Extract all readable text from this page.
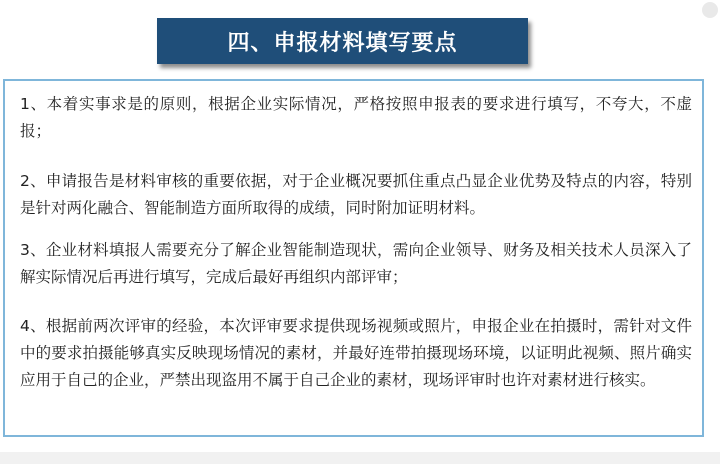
四、申报材料填写要点
1、本着实事求是的原则，根据企业实际情况，严格按照申报表的要求进行填写，不夸大，不虚报；
2、申请报告是材料审核的重要依据，对于企业概况要抓住重点凸显企业优势及特点的内容，特别是针对两化融合、智能制造方面所取得的成绩，同时附加证明材料。
3、企业材料填报人需要充分了解企业智能制造现状，需向企业领导、财务及相关技术人员深入了解实际情况后再进行填写，完成后最好再组织内部评审；
4、根据前两次评审的经验，本次评审要求提供现场视频或照片，申报企业在拍摄时，需针对文件中的要求拍摄能够真实反映现场情况的素材，并最好连带拍摄现场环境，以证明此视频、照片确实应用于自己的企业，严禁出现盗用不属于自己企业的素材，现场评审时也许对素材进行核实。
